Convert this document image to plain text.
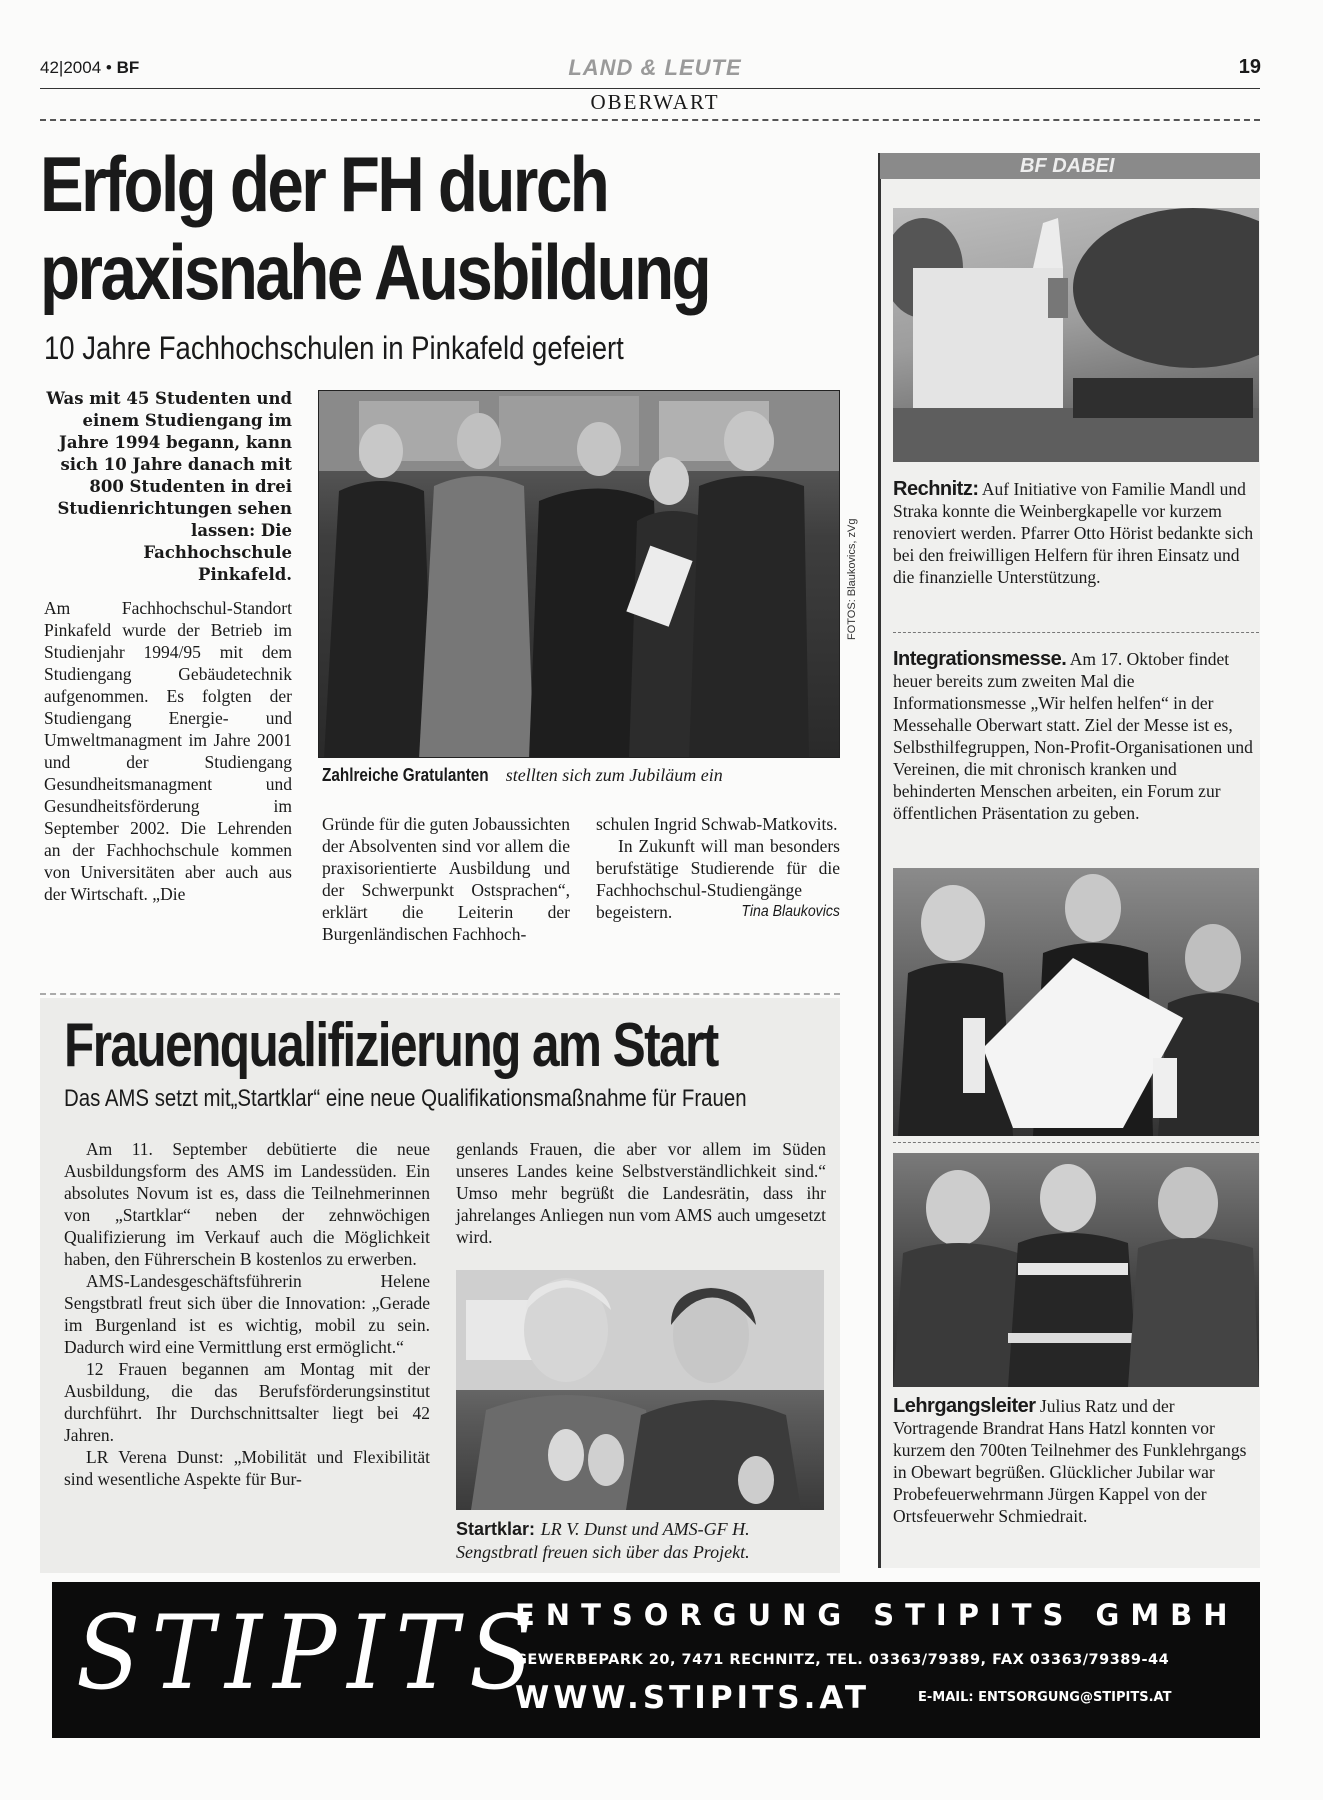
42|2004 • BF	LAND & LEUTE	19
OBERWART
Erfolg der FH durch
praxisnahe Ausbildung
10 Jahre Fachhochschulen in Pinkafeld gefeiert
Was mit 45 Studenten und einem Studiengang im Jahre 1994 begann, kann sich 10 Jahre danach mit 800 Studenten in drei Studienrichtungen sehen lassen: Die Fachhochschule Pinkafeld.
Am Fachhochschul-Standort Pinkafeld wurde der Betrieb im Studienjahr 1994/95 mit dem Studiengang Gebäudetechnik aufgenommen. Es folgten der Studiengang Energie- und Umweltmanagment im Jahre 2001 und der Studiengang Gesundheitsmanagment und Gesundheitsförderung im September 2002. Die Lehrenden an der Fachhochschule kommen von Universitäten aber auch aus der Wirtschaft. „Die
FOTOS: Blaukovics, zVg
Zahlreiche Gratulanten stellten sich zum Jubiläum ein
Gründe für die guten Jobaussichten der Absolventen sind vor allem die praxisorientierte Ausbildung und der Schwerpunkt Ostsprachen“, erklärt die Leiterin der Burgenländischen Fachhoch-
schulen Ingrid Schwab-Matkovits.
In Zukunft will man besonders berufstätige Studierende für die Fachhochschul-Studiengänge begeistern.	Tina Blaukovics
Frauenqualifizierung am Start
Das AMS setzt mit„Startklar“ eine neue Qualifikationsmaßnahme für Frauen
Am 11. September debütierte die neue Ausbildungsform des AMS im Landessüden. Ein absolutes Novum ist es, dass die Teilnehmerinnen von „Startklar“ neben der zehnwöchigen Qualifizierung im Verkauf auch die Möglichkeit haben, den Führerschein B kostenlos zu erwerben.
AMS-Landesgeschäftsführerin Helene Sengstbratl freut sich über die Innovation: „Gerade im Burgenland ist es wichtig, mobil zu sein. Dadurch wird eine Vermittlung erst ermöglicht.“
12 Frauen begannen am Montag mit der Ausbildung, die das Berufsförderungsinstitut durchführt. Ihr Durchschnittsalter liegt bei 42 Jahren.
LR Verena Dunst: „Mobilität und Flexibilität sind wesentliche Aspekte für Bur-
genlands Frauen, die aber vor allem im Süden unseres Landes keine Selbstverständlichkeit sind.“ Umso mehr begrüßt die Landesrätin, dass ihr jahrelanges Anliegen nun vom AMS auch umgesetzt wird.
Startklar: LR V. Dunst und AMS-GF H. Sengstbratl freuen sich über das Projekt.
BF DABEI
Rechnitz: Auf Initiative von Familie Mandl und Straka konnte die Weinbergkapelle vor kurzem renoviert werden. Pfarrer Otto Hörist bedankte sich bei den freiwilligen Helfern für ihren Einsatz und die finanzielle Unterstützung.
Integrationsmesse. Am 17. Oktober findet heuer bereits zum zweiten Mal die Informationsmesse „Wir helfen helfen“ in der Messehalle Oberwart statt. Ziel der Messe ist es, Selbsthilfegruppen, Non-Profit-Organisationen und Vereinen, die mit chronisch kranken und behinderten Menschen arbeiten, ein Forum zur öffentlichen Präsentation zu geben.
Lehrgangsleiter Julius Ratz und der Vortragende Brandrat Hans Hatzl konnten vor kurzem den 700ten Teilnehmer des Funklehrgangs in Obewart begrüßen. Glücklicher Jubilar war Probefeuerwehrmann Jürgen Kappel von der Ortsfeuerwehr Schmiedrait.
STIPITS
ENTSORGUNG STIPITS GMBH
GEWERBEPARK 20, 7471 RECHNITZ, TEL. 03363/79389, FAX 03363/79389-44
WWW.STIPITS.AT	E-MAIL: ENTSORGUNG@STIPITS.AT
